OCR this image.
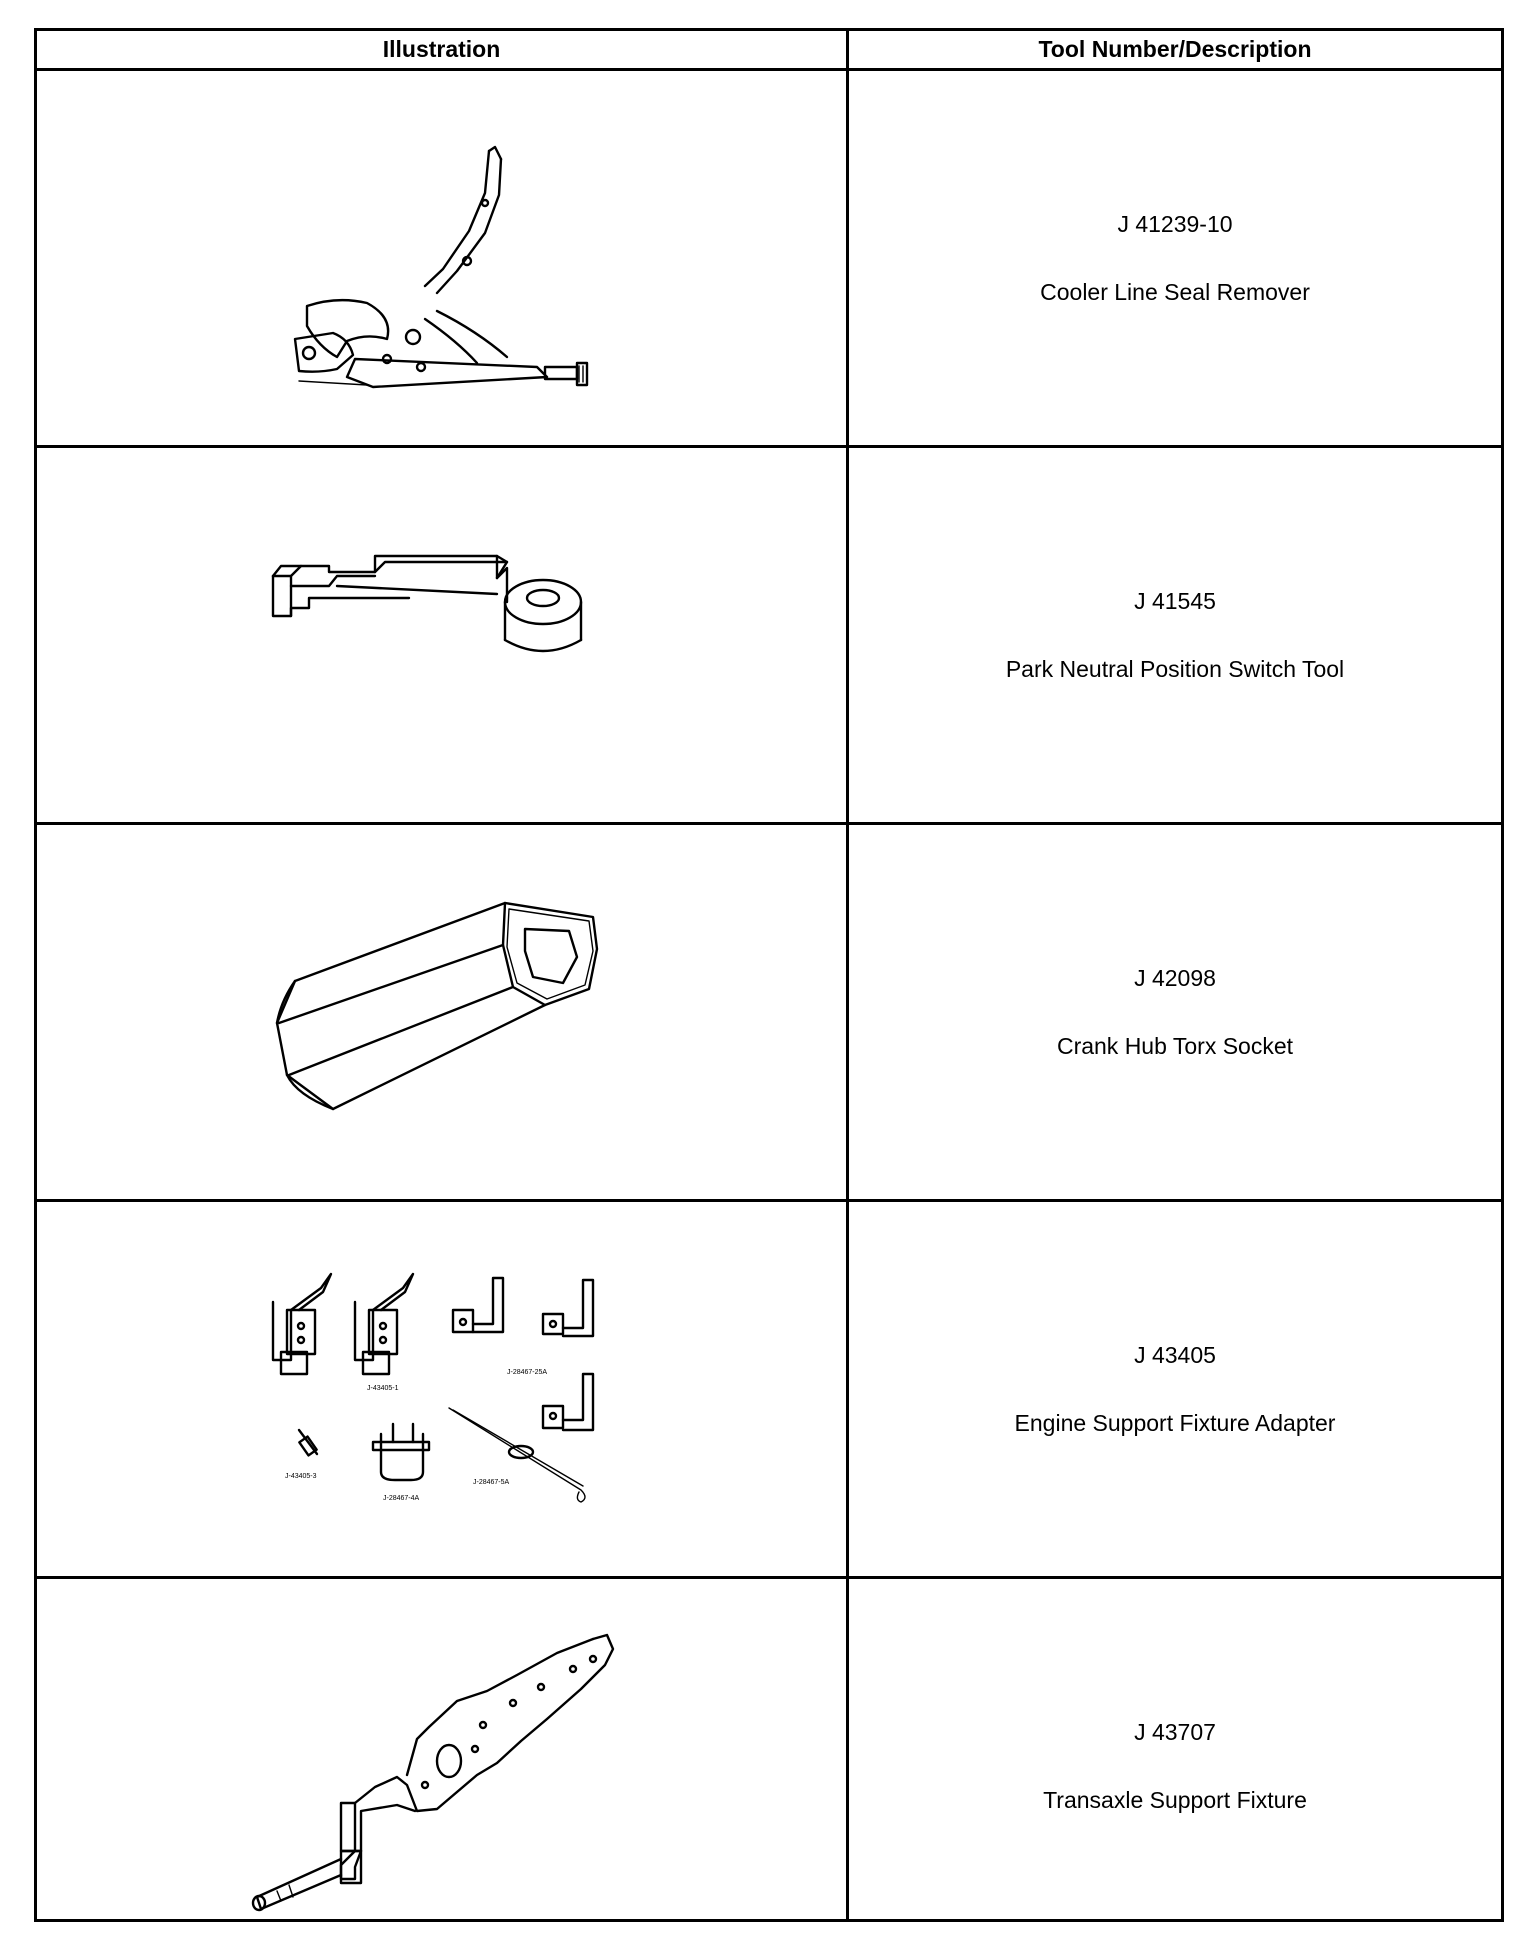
Illustration	Tool Number/Description
J 41239-10
Cooler Line Seal Remover
J 41545
Park Neutral Position Switch Tool
J 42098
Crank Hub Torx Socket
J-43405-1
J-28467-25A
J-43405-3
J-28467-4A
J-28467-5A
J 43405
Engine Support Fixture Adapter
J 43707
Transaxle Support Fixture
